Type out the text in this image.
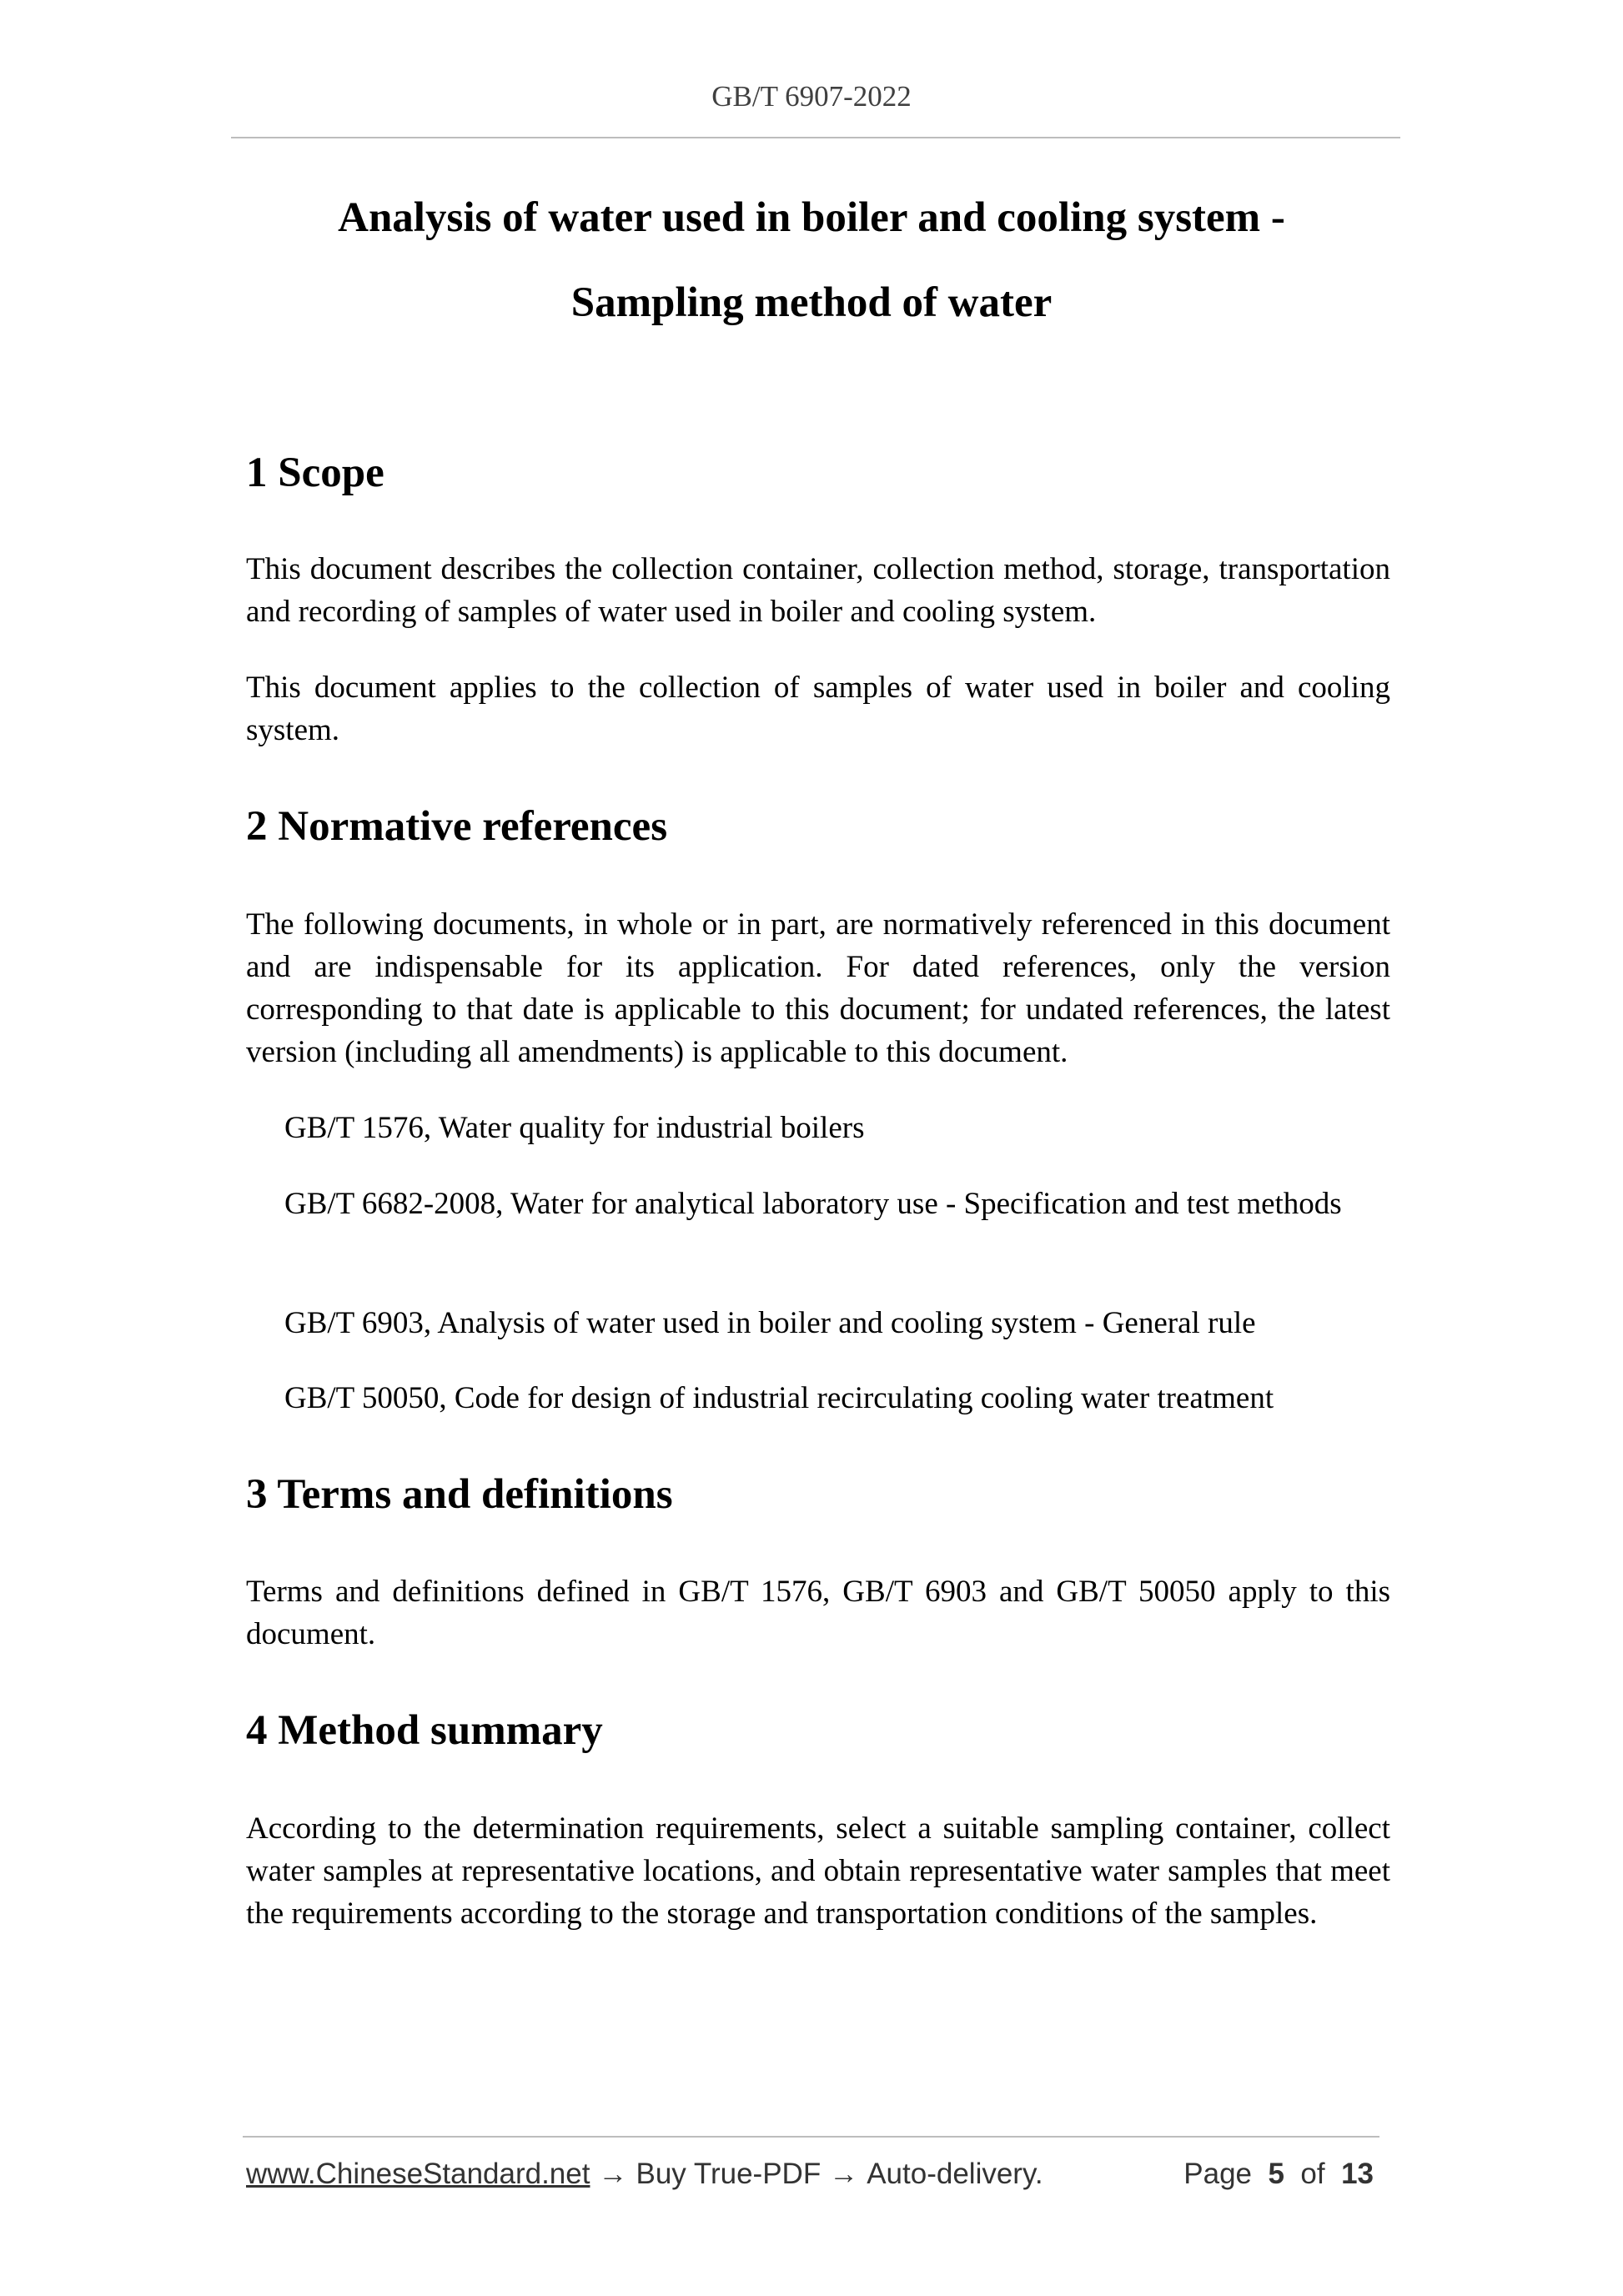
GB/T 6907-2022
Analysis of water used in boiler and cooling system -
Sampling method of water
1 Scope

This document describes the collection container, collection method, storage, transportation and recording of samples of water used in boiler and cooling system.

This document applies to the collection of samples of water used in boiler and cooling system.

2 Normative references

The following documents, in whole or in part, are normatively referenced in this document and are indispensable for its application. For dated references, only the version corresponding to that date is applicable to this document; for undated references, the latest version (including all amendments) is applicable to this document.

GB/T 1576, Water quality for industrial boilers

GB/T 6682-2008, Water for analytical laboratory use - Specification and test methods

GB/T 6903, Analysis of water used in boiler and cooling system - General rule

GB/T 50050, Code for design of industrial recirculating cooling water treatment

3 Terms and definitions

Terms and definitions defined in GB/T 1576, GB/T 6903 and GB/T 50050 apply to this document.

4 Method summary

According to the determination requirements, select a suitable sampling container, collect water samples at representative locations, and obtain representative water samples that meet the requirements according to the storage and transportation conditions of the samples.

www.ChineseStandard.net → Buy True-PDF → Auto-delivery.	Page 5 of 13
